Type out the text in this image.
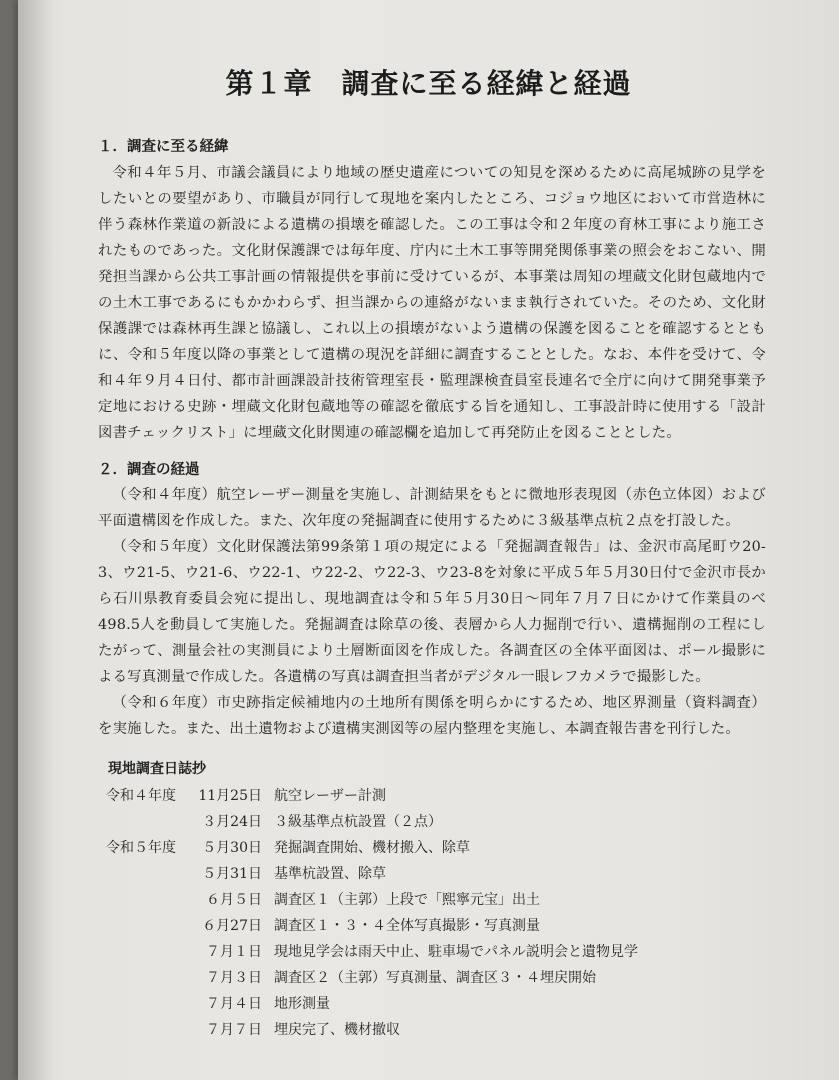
第１章　調査に至る経緯と経過
１．調査に至る経緯

令和４年５月、市議会議員により地域の歴史遺産についての知見を深めるために高尾城跡の見学をしたいとの要望があり、市職員が同行して現地を案内したところ、コジョウ地区において市営造林に伴う森林作業道の新設による遺構の損壊を確認した。この工事は令和２年度の育林工事により施工されたものであった。文化財保護課では毎年度、庁内に土木工事等開発関係事業の照会をおこない、開発担当課から公共工事計画の情報提供を事前に受けているが、本事業は周知の埋蔵文化財包蔵地内での土木工事であるにもかかわらず、担当課からの連絡がないまま執行されていた。そのため、文化財保護課では森林再生課と協議し、これ以上の損壊がないよう遺構の保護を図ることを確認するとともに、令和５年度以降の事業として遺構の現況を詳細に調査することとした。なお、本件を受けて、令和４年９月４日付、都市計画課設計技術管理室長・監理課検査員室長連名で全庁に向けて開発事業予定地における史跡・埋蔵文化財包蔵地等の確認を徹底する旨を通知し、工事設計時に使用する「設計図書チェックリスト」に埋蔵文化財関連の確認欄を追加して再発防止を図ることとした。

２．調査の経過

（令和４年度）航空レーザー測量を実施し、計測結果をもとに微地形表現図（赤色立体図）および平面遺構図を作成した。また、次年度の発掘調査に使用するために３級基準点杭２点を打設した。

（令和５年度）文化財保護法第99条第１項の規定による「発掘調査報告」は、金沢市高尾町ウ20-3、ウ21-5、ウ21-6、ウ22-1、ウ22-2、ウ22-3、ウ23-8を対象に平成５年５月30日付で金沢市長から石川県教育委員会宛に提出し、現地調査は令和５年５月30日～同年７月７日にかけて作業員のべ498.5人を動員して実施した。発掘調査は除草の後、表層から人力掘削で行い、遺構掘削の工程にしたがって、測量会社の実測員により土層断面図を作成した。各調査区の全体平面図は、ポール撮影による写真測量で作成した。各遺構の写真は調査担当者がデジタル一眼レフカメラで撮影した。

（令和６年度）市史跡指定候補地内の土地所有関係を明らかにするため、地区界測量（資料調査）を実施した。また、出土遺物および遺構実測図等の屋内整理を実施し、本調査報告書を刊行した。

現地調査日誌抄
令和４年度	11月25日 航空レーザー計測
３月24日 ３級基準点杭設置（２点）
令和５年度	５月30日 発掘調査開始、機材搬入、除草
５月31日 基準杭設置、除草
６月５日 調査区１（主郭）上段で「熙寧元宝」出土
６月27日 調査区１・３・４全体写真撮影・写真測量
７月１日 現地見学会は雨天中止、駐車場でパネル説明会と遺物見学
７月３日 調査区２（主郭）写真測量、調査区３・４埋戻開始
７月４日 地形測量
７月７日 埋戻完了、機材撤収
